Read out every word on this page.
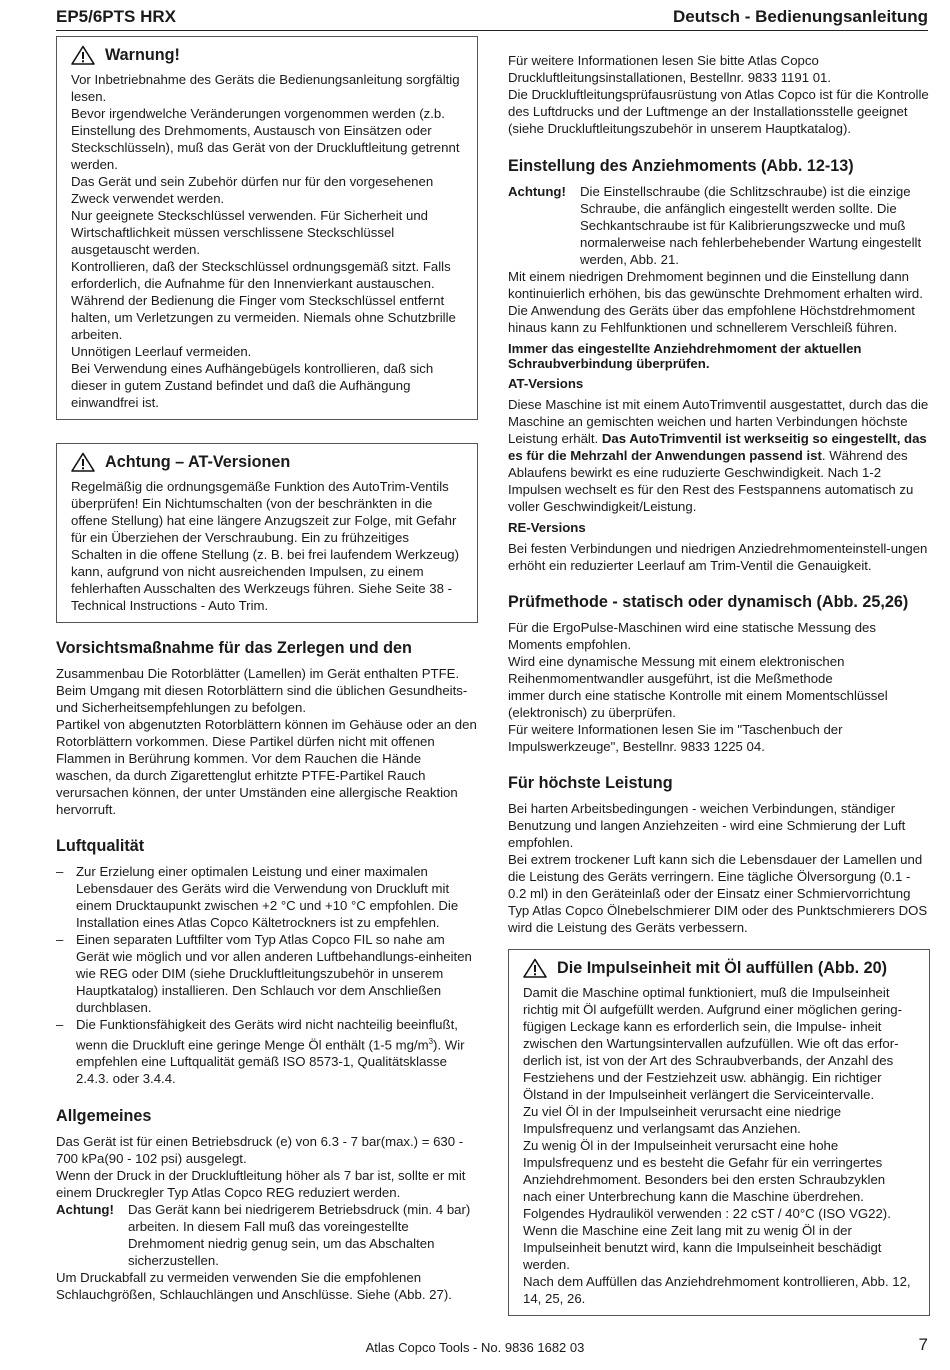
EP5/6PTS HRX	Deutsch - Bedienungsanleitung
Warnung!

Vor Inbetriebnahme des Geräts die Bedienungsanleitung sorgfältig lesen.

Bevor irgendwelche Veränderungen vorgenommen werden (z.b. Einstellung des Drehmoments, Austausch von Einsätzen oder Steckschlüsseln), muß das Gerät von der Druckluftleitung getrennt werden.

Das Gerät und sein Zubehör dürfen nur für den vorgesehenen Zweck verwendet werden.

Nur geeignete Steckschlüssel verwenden. Für Sicherheit und Wirtschaftlichkeit müssen verschlissene Steckschlüssel ausgetauscht werden.

Kontrollieren, daß der Steckschlüssel ordnungsgemäß sitzt. Falls erforderlich, die Aufnahme für den Innenvierkant austauschen.

Während der Bedienung die Finger vom Steckschlüssel entfernt halten, um Verletzungen zu vermeiden. Niemals ohne Schutzbrille arbeiten.

Unnötigen Leerlauf vermeiden.

Bei Verwendung eines Aufhängebügels kontrollieren, daß sich dieser in gutem Zustand befindet und daß die Aufhängung einwandfrei ist.

Achtung – AT-Versionen

Regelmäßig die ordnungsgemäße Funktion des AutoTrim-Ventils überprüfen! Ein Nichtumschalten (von der beschränkten in die offene Stellung) hat eine längere Anzugszeit zur Folge, mit Gefahr für ein Überziehen der Verschraubung. Ein zu frühzeitiges Schalten in die offene Stellung (z. B. bei frei laufendem Werkzeug) kann, aufgrund von nicht ausreichenden Impulsen, zu einem fehlerhaften Ausschalten des Werkzeugs führen. Siehe Seite 38 -Technical Instructions - Auto Trim.

Vorsichtsmaßnahme für das Zerlegen und den

Zusammenbau Die Rotorblätter (Lamellen) im Gerät enthalten PTFE. Beim Umgang mit diesen Rotorblättern sind die üblichen Gesundheits- und Sicherheitsempfehlungen zu befolgen.

Partikel von abgenutzten Rotorblättern können im Gehäuse oder an den Rotorblättern vorkommen. Diese Partikel dürfen nicht mit offenen Flammen in Berührung kommen. Vor dem Rauchen die Hände waschen, da durch Zigarettenglut erhitzte PTFE-Partikel Rauch verursachen können, der unter Umständen eine allergische Reaktion hervorruft.

Luftqualität
– Zur Erzielung einer optimalen Leistung und einer maximalen Lebensdauer des Geräts wird die Verwendung von Druckluft mit einem Drucktaupunkt zwischen +2 °C und +10 °C empfohlen. Die Installation eines Atlas Copco Kältetrockners ist zu empfehlen.
– Einen separaten Luftfilter vom Typ Atlas Copco FIL so nahe am Gerät wie möglich und vor allen anderen Luftbehandlungs-einheiten wie REG oder DIM (siehe Druckluftleitungszubehör in unserem Hauptkatalog) installieren. Den Schlauch vor dem Anschließen durchblasen.
– Die Funktionsfähigkeit des Geräts wird nicht nachteilig beeinflußt, wenn die Druckluft eine geringe Menge Öl enthält (1-5 $mg/m^3$). Wir empfehlen eine Luftqualität gemäß ISO 8573-1, Qualitätsklasse 2.4.3. oder 3.4.4.
Allgemeines

Das Gerät ist für einen Betriebsdruck (e) von 6.3 - 7 bar(max.) = 630 - 700 kPa(90 - 102 psi) ausgelegt.

Wenn der Druck in der Druckluftleitung höher als 7 bar ist, sollte er mit einem Druckregler Typ Atlas Copco REG reduziert werden.

Achtung!	Das Gerät kann bei niedrigerem Betriebsdruck (min. 4 bar) arbeiten. In diesem Fall muß das voreingestellte Drehmoment niedrig genug sein, um das Abschalten sicherzustellen.

Um Druckabfall zu vermeiden verwenden Sie die empfohlenen Schlauchgrößen, Schlauchlängen und Anschlüsse. Siehe (Abb. 27).

Für weitere Informationen lesen Sie bitte Atlas Copco Druckluftleitungsinstallationen, Bestellnr. 9833 1191 01.

Die Druckluftleitungsprüfausrüstung von Atlas Copco ist für die Kontrolle des Luftdrucks und der Luftmenge an der Installationsstelle geeignet (siehe Druckluftleitungszubehör in unserem Hauptkatalog).

Einstellung des Anziehmoments (Abb. 12-13)
Achtung!	Die Einstellschraube (die Schlitzschraube) ist die einzige Schraube, die anfänglich eingestellt werden sollte. Die Sechkantschraube ist für Kalibrierungszwecke und muß normalerweise nach fehlerbehebender Wartung eingestellt werden, Abb. 21.

Mit einem niedrigen Drehmoment beginnen und die Einstellung dann kontinuierlich erhöhen, bis das gewünschte Drehmoment erhalten wird.

Die Anwendung des Geräts über das empfohlene Höchstdrehmoment hinaus kann zu Fehlfunktionen und schnellerem Verschleiß führen.

Immer das eingestellte Anziehdrehmoment der aktuellen Schraubverbindung überprüfen.
AT-Versions

Diese Maschine ist mit einem AutoTrimventil ausgestattet, durch das die Maschine an gemischten weichen und harten Verbindungen höchste Leistung erhält. Das AutoTrimventil ist werkseitig so eingestellt, das es für die Mehrzahl der Anwendungen passend ist. Während des Ablaufens bewirkt es eine ruduzierte Geschwindigkeit. Nach 1-2 Impulsen wechselt es für den Rest des Festspannens automatisch zu voller Geschwindigkeit/Leistung.

RE-Versions

Bei festen Verbindungen und niedrigen Anziedrehmomenteinstell-ungen erhöht ein reduzierter Leerlauf am Trim-Ventil die Genauigkeit.

Prüfmethode - statisch oder dynamisch (Abb. 25,26)

Für die ErgoPulse-Maschinen wird eine statische Messung des Moments empfohlen.

Wird eine dynamische Messung mit einem elektronischen Reihenmomentwandler ausgeführt, ist die Meßmethode

immer durch eine statische Kontrolle mit einem Momentschlüssel (elektronisch) zu überprüfen.

Für weitere Informationen lesen Sie im "Taschenbuch der Impulswerkzeuge", Bestellnr. 9833 1225 04.

Für höchste Leistung

Bei harten Arbeitsbedingungen - weichen Verbindungen, ständiger Benutzung und langen Anziehzeiten - wird eine Schmierung der Luft empfohlen.

Bei extrem trockener Luft kann sich die Lebensdauer der Lamellen und die Leistung des Geräts verringern. Eine tägliche Ölversorgung (0.1 - 0.2 ml) in den Geräteinlaß oder der Einsatz einer Schmiervorrichtung Typ Atlas Copco Ölnebelschmierer DIM oder des Punktschmierers DOS wird die Leistung des Geräts verbessern.

Die Impulseinheit mit Öl auffüllen (Abb. 20)

Damit die Maschine optimal funktioniert, muß die Impulseinheit richtig mit Öl aufgefüllt werden. Aufgrund einer möglichen gering-fügigen Leckage kann es erforderlich sein, die Impulse- inheit zwischen den Wartungsintervallen aufzufüllen. Wie oft das erfor-derlich ist, ist von der Art des Schraubverbands, der Anzahl des Festziehens und der Festziehzeit usw. abhängig. Ein richtiger Ölstand in der Impulseinheit verlängert die Serviceintervalle.

Zu viel Öl in der Impulseinheit verursacht eine niedrige Impulsfrequenz und verlangsamt das Anziehen.

Zu wenig Öl in der Impulseinheit verursacht eine hohe Impulsfrequenz und es besteht die Gefahr für ein verringertes Anziehdrehmoment. Besonders bei den ersten Schraubzyklen nach einer Unterbrechung kann die Maschine überdrehen.

Folgendes Hydrauliköl verwenden : 22 cST / 40°C (ISO VG22).

Wenn die Maschine eine Zeit lang mit zu wenig Öl in der Impulseinheit benutzt wird, kann die Impulseinheit beschädigt werden.

Nach dem Auffüllen das Anziehdrehmoment kontrollieren, Abb. 12, 14, 25, 26.

Atlas Copco Tools - No. 9836 1682 03	7
